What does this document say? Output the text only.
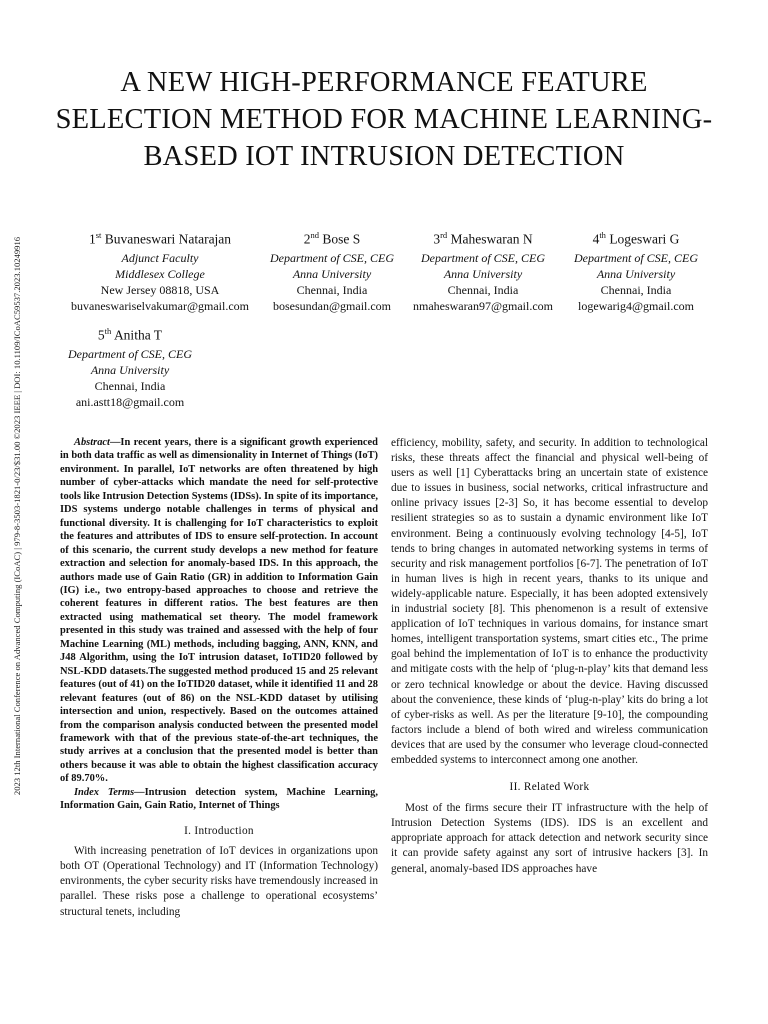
2023 12th International Conference on Advanced Computing (ICoAC) | 979-8-3503-1821-0/23/$31.00 ©2023 IEEE | DOI: 10.1109/ICoAC59537.2023.10249916
A NEW HIGH-PERFORMANCE FEATURE SELECTION METHOD FOR MACHINE LEARNING-BASED IOT INTRUSION DETECTION
1st Buvaneswari Natarajan
Adjunct Faculty
Middlesex College
New Jersey 08818, USA
buvaneswariselvakumar@gmail.com
2nd Bose S
Department of CSE, CEG
Anna University
Chennai, India
bosesundan@gmail.com
3rd Maheswaran N
Department of CSE, CEG
Anna University
Chennai, India
nmaheswaran97@gmail.com
4th Logeswari G
Department of CSE, CEG
Anna University
Chennai, India
logewarig4@gmail.com
5th Anitha T
Department of CSE, CEG
Anna University
Chennai, India
ani.astt18@gmail.com

Abstract—In recent years, there is a significant growth experienced in both data traffic as well as dimensionality in Internet of Things (IoT) environment. In parallel, IoT networks are often threatened by high number of cyber-attacks which mandate the need for self-protective tools like Intrusion Detection Systems (IDSs). In spite of its importance, IDS systems undergo notable challenges in terms of physical and functional diversity. It is challenging for IoT characteristics to exploit the features and attributes of IDS to ensure self-protection. In account of this scenario, the current study develops a new method for feature extraction and selection for anomaly-based IDS. In this approach, the authors made use of Gain Ratio (GR) in addition to Information Gain (IG) i.e., two entropy-based approaches to choose and retrieve the coherent features in different ratios. The best features are then extracted using mathematical set theory. The model framework presented in this study was trained and assessed with the help of four Machine Learning (ML) methods, including bagging, ANN, KNN, and J48 Algorithm, using the IoT intrusion dataset, IoTID20 followed by NSL-KDD datasets.The suggested method produced 15 and 25 relevant features (out of 41) on the IoTID20 dataset, while it identified 11 and 28 relevant features (out of 86) on the NSL-KDD dataset by utilising intersection and union, respectively. Based on the outcomes attained from the comparison analysis conducted between the presented model framework with that of the previous state-of-the-art techniques, the study arrives at a conclusion that the presented model is better than others because it was able to obtain the highest classification accuracy of 89.70%.

Index Terms—Intrusion detection system, Machine Learning, Information Gain, Gain Ratio, Internet of Things

I. Introduction

With increasing penetration of IoT devices in organizations upon both OT (Operational Technology) and IT (Information Technology) environments, the cyber security risks have tremendously increased in parallel. These risks pose a challenge to operational ecosystems’ structural tenets, including

efficiency, mobility, safety, and security. In addition to technological risks, these threats affect the financial and physical well-being of users as well [1] Cyberattacks bring an uncertain state of existence due to issues in business, social networks, critical infrastructure and online privacy issues [2-3] So, it has become essential to develop resilient strategies so as to sustain a dynamic environment like IoT environment. Being a continuously evolving technology [4-5], IoT tends to bring changes in automated networking systems in terms of security and risk management portfolios [6-7]. The penetration of IoT in human lives is high in recent years, thanks to its unique and widely-applicable nature. Especially, it has been adopted extensively in industrial society [8]. This phenomenon is a result of extensive application of IoT techniques in various domains, for instance smart homes, intelligent transportation systems, smart cities etc., The prime goal behind the implementation of IoT is to enhance the productivity and mitigate costs with the help of ‘plug-n-play’ kits that demand less or zero technical knowledge or about the device. Having discussed about the convenience, these kinds of ‘plug-n-play’ kits do bring a lot of cyber-risks as well. As per the literature [9-10], the compounding factors include a blend of both wired and wireless communication devices that are used by the consumer who leverage cloud-connected embedded systems to interconnect among one another.

II. Related Work

Most of the firms secure their IT infrastructure with the help of Intrusion Detection Systems (IDS). IDS is an excellent and appropriate approach for attack detection and network security since it can provide safety against any sort of intrusive hackers [3]. In general, anomaly-based IDS approaches have
